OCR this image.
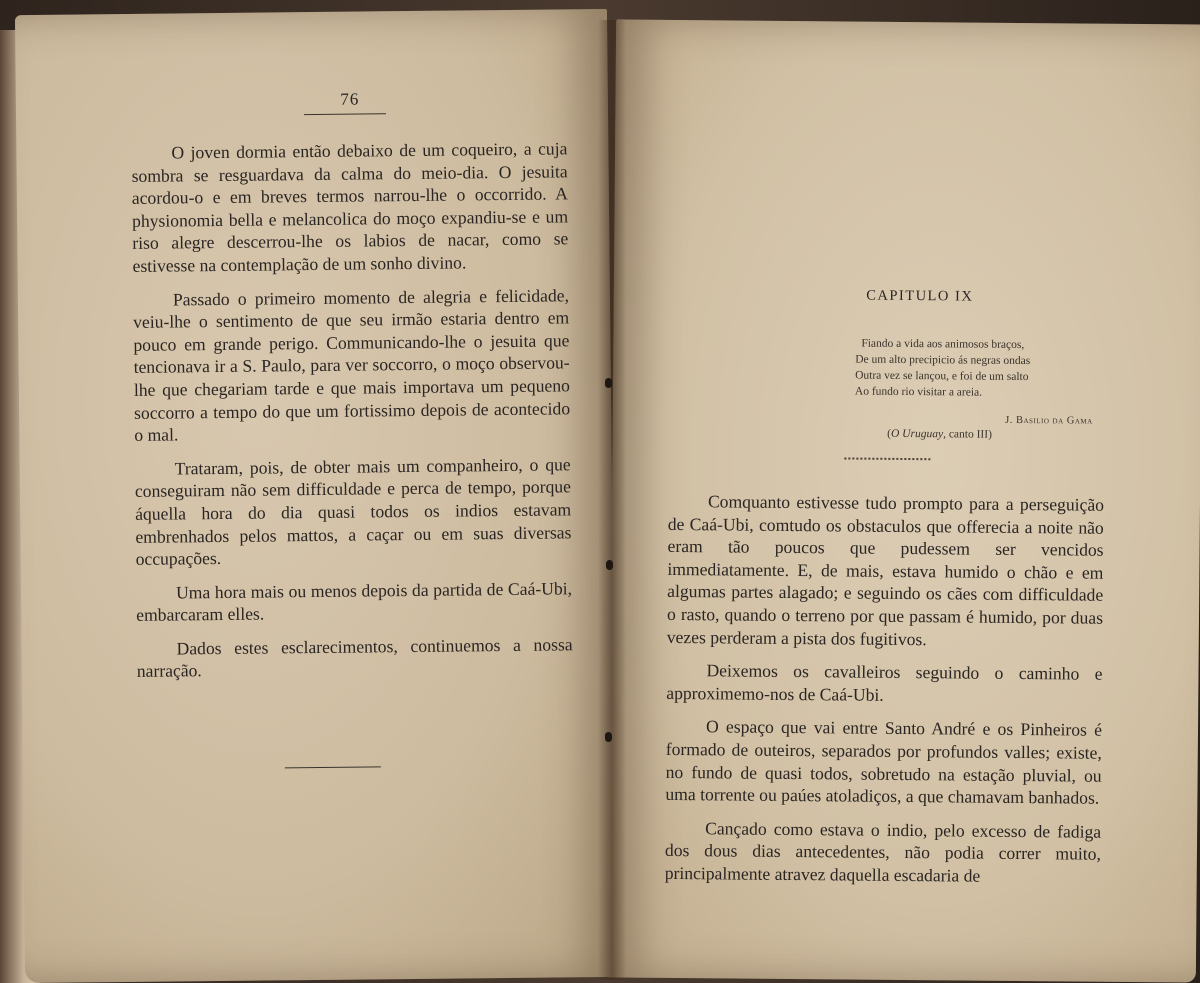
76

O joven dormia então debaixo de um coqueiro, a cuja sombra se resguardava da calma do meio-dia. O jesuita acordou-o e em breves termos narrou-lhe o occorrido. A physionomia bella e melancolica do moço expandiu-se e um riso alegre descerrou-lhe os labios de nacar, como se estivesse na contemplação de um sonho divino.

Passado o primeiro momento de alegria e felicidade, veiu-lhe o sentimento de que seu irmão estaria dentro em pouco em grande perigo. Communicando-lhe o jesuita que tencionava ir a S. Paulo, para ver soccorro, o moço observou-lhe que chegariam tarde e que mais importava um pequeno soccorro a tempo do que um fortissimo depois de acontecido o mal.

Trataram, pois, de obter mais um companheiro, o que conseguiram não sem difficuldade e perca de tempo, porque áquella hora do dia quasi todos os indios estavam embrenhados pelos mattos, a caçar ou em suas diversas occupações.

Uma hora mais ou menos depois da partida de Caá-Ubi, embarcaram elles.

Dados estes esclarecimentos, continuemos a nossa narração.

CAPITULO IX
Fiando a vida aos animosos braços,
De um alto precipicio ás negras ondas
Outra vez se lançou, e foi de um salto
Ao fundo rio visitar a areia.
J. Basilio da Gama
(O Uruguay, canto III)

Comquanto estivesse tudo prompto para a perseguição de Caá-Ubi, comtudo os obstaculos que offerecia a noite não eram tão poucos que pudessem ser vencidos immediatamente. E, de mais, estava humido o chão e em algumas partes alagado; e seguindo os cães com difficuldade o rasto, quando o terreno por que passam é humido, por duas vezes perderam a pista dos fugitivos.

Deixemos os cavalleiros seguindo o caminho e approximemo-nos de Caá-Ubi.

O espaço que vai entre Santo André e os Pinheiros é formado de outeiros, separados por profundos valles; existe, no fundo de quasi todos, sobretudo na estação pluvial, ou uma torrente ou paúes atoladiços, a que chamavam banhados.

Cançado como estava o indio, pelo excesso de fadiga dos dous dias antecedentes, não podia correr muito, principalmente atravez daquella escadaria de
